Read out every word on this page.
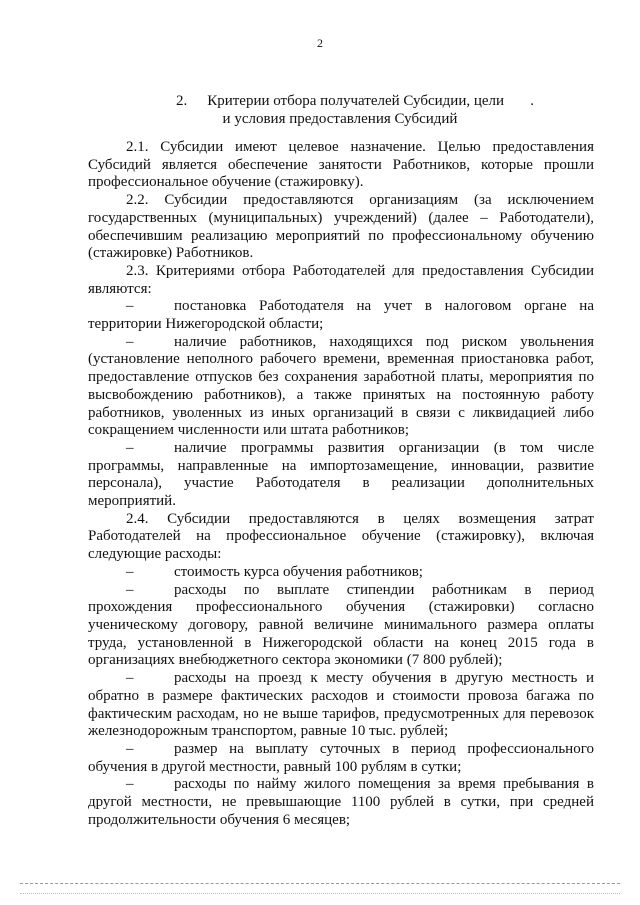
2
2. Критерии отбора получателей Субсидии, цели
и условия предоставления Субсидий
.

2.1. Субсидии имеют целевое назначение. Целью предоставления Субсидий является обеспечение занятости Работников, которые прошли профессиональное обучение (стажировку).

2.2. Субсидии предоставляются организациям (за исключением государственных (муниципальных) учреждений) (далее – Работодатели), обеспечившим реализацию мероприятий по профессиональному обучению (стажировке) Работников.

2.3. Критериями отбора Работодателей для предоставления Субсидии являются:

–	постановка Работодателя на учет в налоговом органе на территории Нижегородской области;

–	наличие работников, находящихся под риском увольнения (установление неполного рабочего времени, временная приостановка работ, предоставление отпусков без сохранения заработной платы, мероприятия по высвобождению работников), а также принятых на постоянную работу работников, уволенных из иных организаций в связи с ликвидацией либо сокращением численности или штата работников;

–	наличие программы развития организации (в том числе программы, направленные на импортозамещение, инновации, развитие персонала), участие Работодателя в реализации дополнительных мероприятий.

2.4. Субсидии предоставляются в целях возмещения затрат Работодателей на профессиональное обучение (стажировку), включая следующие расходы:

–	стоимость курса обучения работников;

–	расходы по выплате стипендии работникам в период прохождения профессионального обучения (стажировки) согласно ученическому договору, равной величине минимального размера оплаты труда, установленной в Нижегородской области на конец 2015 года в организациях внебюджетного сектора экономики (7 800 рублей);

–	расходы на проезд к месту обучения в другую местность и обратно в размере фактических расходов и стоимости провоза багажа по фактическим расходам, но не выше тарифов, предусмотренных для перевозок железнодорожным транспортом, равные 10 тыс. рублей;

–	размер на выплату суточных в период профессионального обучения в другой местности, равный 100 рублям в сутки;

–	расходы по найму жилого помещения за время пребывания в другой местности, не превышающие 1100 рублей в сутки, при средней продолжительности обучения 6 месяцев;
